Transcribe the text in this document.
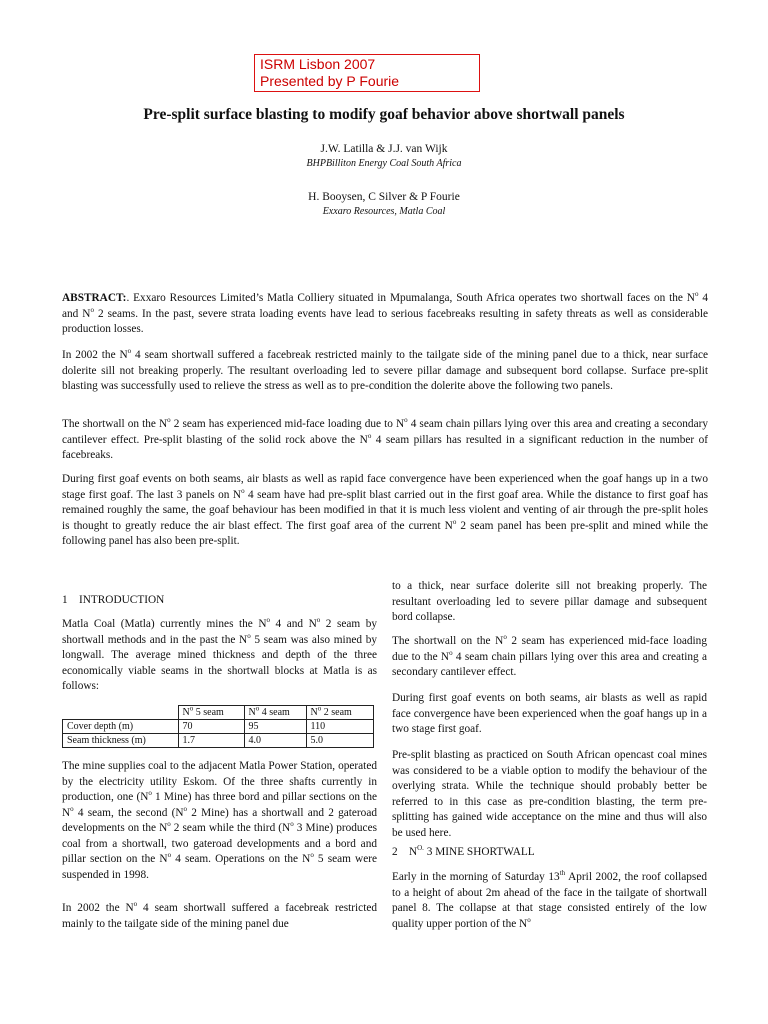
ISRM Lisbon 2007
Presented by P Fourie
Pre-split surface blasting to modify goaf behavior above shortwall panels
J.W. Latilla & J.J. van Wijk
BHPBilliton Energy Coal South Africa
H. Booysen, C Silver & P Fourie
Exxaro Resources, Matla Coal

ABSTRACT:. Exxaro Resources Limited’s Matla Colliery situated in Mpumalanga, South Africa operates two shortwall faces on the $N^o$ 4 and $N^o$ 2 seams. In the past, severe strata loading events have lead to serious facebreaks resulting in safety threats as well as considerable production losses.

In 2002 the $N^o$ 4 seam shortwall suffered a facebreak restricted mainly to the tailgate side of the mining panel due to a thick, near surface dolerite sill not breaking properly. The resultant overloading led to severe pillar damage and subsequent bord collapse. Surface pre-split blasting was successfully used to relieve the stress as well as to pre-condition the dolerite above the following two panels.

The shortwall on the $N^o$ 2 seam has experienced mid-face loading due to $N^o$ 4 seam chain pillars lying over this area and creating a secondary cantilever effect. Pre-split blasting of the solid rock above the $N^o$ 4 seam pillars has resulted in a significant reduction in the number of facebreaks.

During first goaf events on both seams, air blasts as well as rapid face convergence have been experienced when the goaf hangs up in a two stage first goaf. The last 3 panels on $N^o$ 4 seam have had pre-split blast carried out in the first goaf area. While the distance to first goaf has remained roughly the same, the goaf behaviour has been modified in that it is much less violent and venting of air through the pre-split holes is thought to greatly reduce the air blast effect. The first goaf area of the current $N^o$ 2 seam panel has been pre-split and mined while the following panel has also been pre-split.

1 INTRODUCTION

Matla Coal (Matla) currently mines the $N^o$ 4 and $N^o$ 2 seam by shortwall methods and in the past the $N^o$ 5 seam was also mined by longwall. The average mined thickness and depth of the three economically viable seams in the shortwall blocks at Matla is as follows:

	$N^o$ 5 seam	$N^o$ 4 seam	$N^o$ 2 seam
Cover depth (m)	70	95	110
Seam thickness (m)	1.7	4.0	5.0

The mine supplies coal to the adjacent Matla Power Station, operated by the electricity utility Eskom. Of the three shafts currently in production, one ($N^o$ 1 Mine) has three bord and pillar sections on the $N^o$ 4 seam, the second ($N^o$ 2 Mine) has a shortwall and 2 gateroad developments on the $N^o$ 2 seam while the third ($N^o$ 3 Mine) produces coal from a shortwall, two gateroad developments and a bord and pillar section on the $N^o$ 4 seam. Operations on the $N^o$ 5 seam were suspended in 1998.

In 2002 the $N^o$ 4 seam shortwall suffered a facebreak restricted mainly to the tailgate side of the mining panel due

to a thick, near surface dolerite sill not breaking properly. The resultant overloading led to severe pillar damage and subsequent bord collapse.

The shortwall on the $N^o$ 2 seam has experienced mid-face loading due to the $N^o$ 4 seam chain pillars lying over this area and creating a secondary cantilever effect.

During first goaf events on both seams, air blasts as well as rapid face convergence have been experienced when the goaf hangs up in a two stage first goaf.

Pre-split blasting as practiced on South African opencast coal mines was considered to be a viable option to modify the behaviour of the overlying strata. While the technique should probably better be referred to in this case as pre-condition blasting, the term pre-splitting has gained wide acceptance on the mine and thus will also be used here.

2 $N^{O.}$ 3 MINE SHORTWALL

Early in the morning of Saturday 13th April 2002, the roof collapsed to a height of about 2m ahead of the face in the tailgate of shortwall panel 8. The collapse at that stage consisted entirely of the low quality upper portion of the $N^o$
